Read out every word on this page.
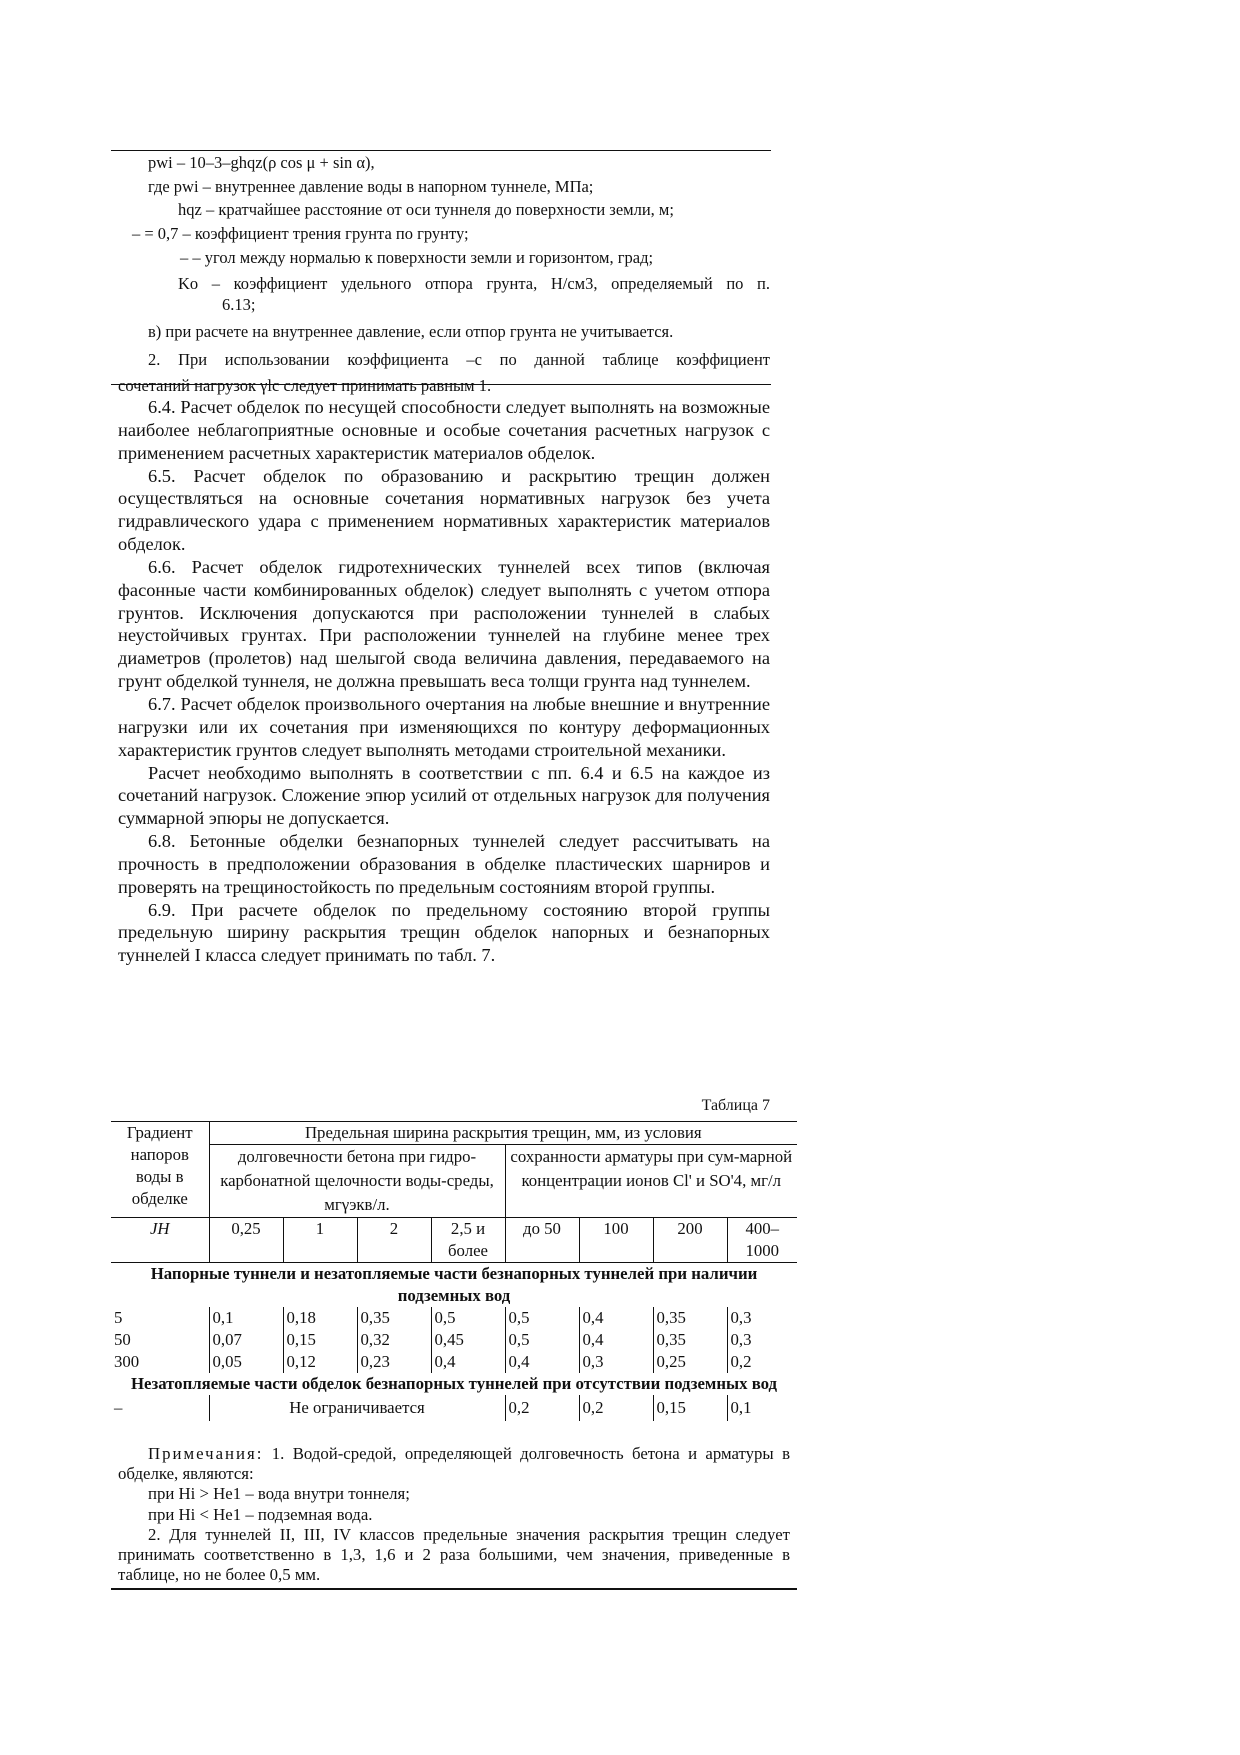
pwi – 10–3–ghqz(ρ cos μ + sin α),
где pwi – внутреннее давление воды в напорном туннеле, МПа;
hqz – кратчайшее расстояние от оси туннеля до поверхности земли, м;
– = 0,7 – коэффициент трения грунта по грунту;
– – угол между нормалью к поверхности земли и горизонтом, град;
Ko – коэффициент удельного отпора грунта, Н/см3, определяемый по п.
6.13;
в) при расчете на внутреннее давление, если отпор грунта не учитывается.
2. При использовании коэффициента –c по данной таблице коэффициент
сочетаний нагрузок γlc следует принимать равным 1.

6.4. Расчет обделок по несущей способности следует выполнять на возможные наиболее неблагоприятные основные и особые сочетания расчетных нагрузок с применением расчетных характеристик материалов обделок.

6.5. Расчет обделок по образованию и раскрытию трещин должен осуществляться на основные сочетания нормативных нагрузок без учета гидравлического удара с применением нормативных характеристик материалов обделок.

6.6. Расчет обделок гидротехнических туннелей всех типов (включая фасонные части комбинированных обделок) следует выполнять с учетом отпора грунтов. Исключения допускаются при расположении туннелей в слабых неустойчивых грунтах. При расположении туннелей на глубине менее трех диаметров (пролетов) над шелыгой свода величина давления, передаваемого на грунт обделкой туннеля, не должна превышать веса толщи грунта над туннелем.

6.7. Расчет обделок произвольного очертания на любые внешние и внутренние нагрузки или их сочетания при изменяющихся по контуру деформационных характеристик грунтов следует выполнять методами строительной механики.

Расчет необходимо выполнять в соответствии с пп. 6.4 и 6.5 на каждое из сочетаний нагрузок. Сложение эпюр усилий от отдельных нагрузок для получения суммарной эпюры не допускается.

6.8. Бетонные обделки безнапорных туннелей следует рассчитывать на прочность в предположении образования в обделке пластических шарниров и проверять на трещиностойкость по предельным состояниям второй группы.

6.9. При расчете обделок по предельному состоянию второй группы предельную ширину раскрытия трещин обделок напорных и безнапорных туннелей I класса следует принимать по табл. 7.

Таблица 7
Градиент напоров воды в обделке	Предельная ширина раскрытия трещин, мм, из условия							
	долговечности бетона при гидро-карбонатной щелочности воды-среды, мгγэкв/л.				сохранности арматуры при сум-марной концентрации ионов Cl' и SO'4, мг/л			
JH	0,25	1	2	2,5 и более	до 50	100	200	400–1000
Напорные туннели и незатопляемые части безнапорных туннелей при наличии подземных вод								
5	0,1	0,18	0,35	0,5	0,5	0,4	0,35	0,3
50	0,07	0,15	0,32	0,45	0,5	0,4	0,35	0,3
300	0,05	0,12	0,23	0,4	0,4	0,3	0,25	0,2
Незатопляемые части обделок безнапорных туннелей при отсутствии подземных вод								
–	Не ограничивается				0,2	0,2	0,15	0,1

Примечания: 1. Водой-средой, определяющей долговечность бетона и арматуры в обделке, являются:

при Hi > He1 – вода внутри тоннеля;

при Hi < He1 – подземная вода.

2. Для туннелей II, III, IV классов предельные значения раскрытия трещин следует принимать соответственно в 1,3, 1,6 и 2 раза большими, чем значения, приведенные в таблице, но не более 0,5 мм.
